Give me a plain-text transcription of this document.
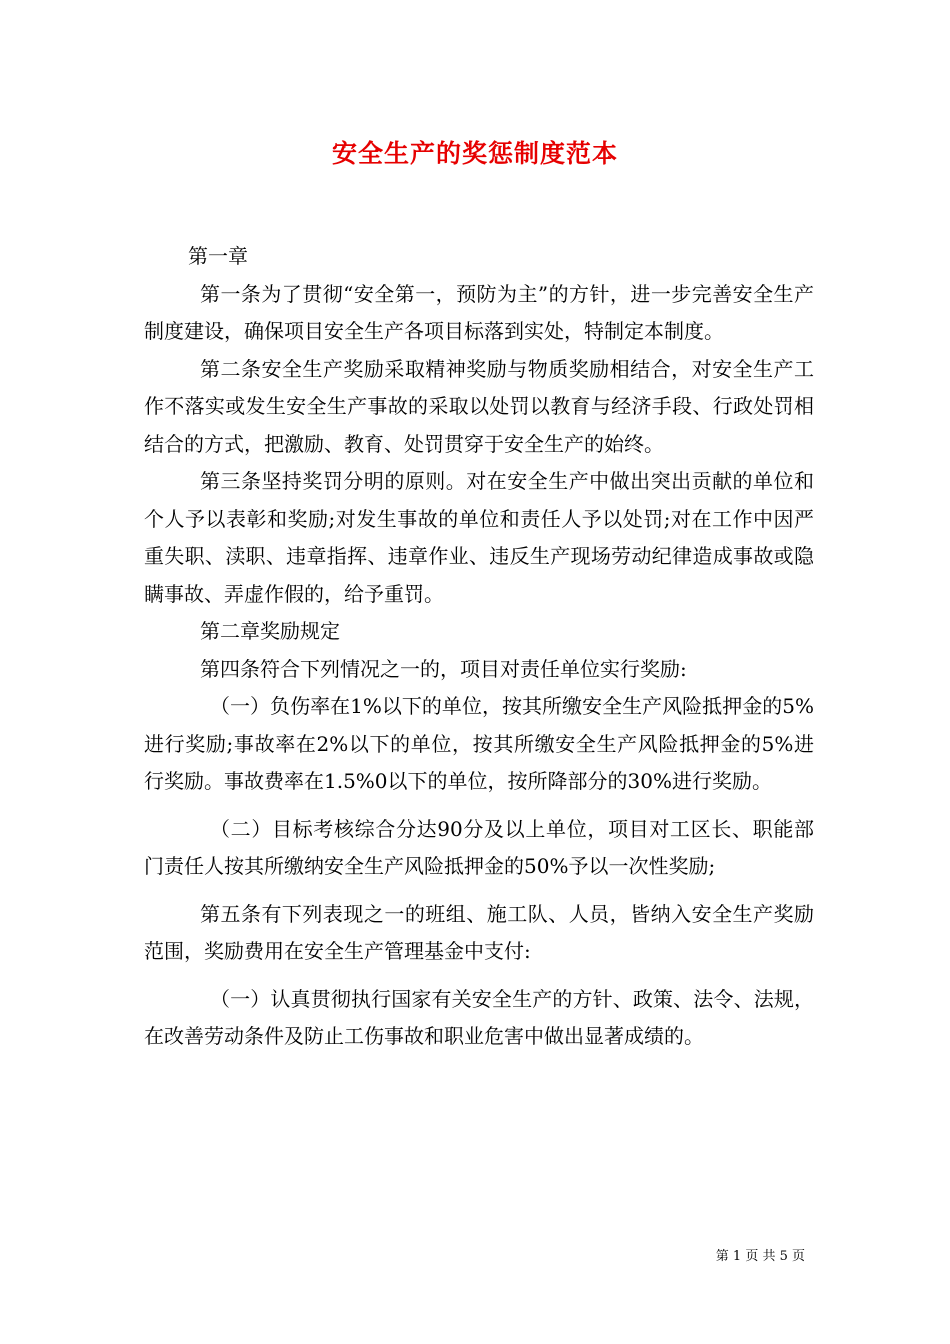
安全生产的奖惩制度范本

第一章

第一条为了贯彻“安全第一，预防为主”的方针，进一步完善安全生产制度建设，确保项目安全生产各项目标落到实处，特制定本制度。

第二条安全生产奖励采取精神奖励与物质奖励相结合，对安全生产工作不落实或发生安全生产事故的采取以处罚以教育与经济手段、行政处罚相结合的方式，把激励、教育、处罚贯穿于安全生产的始终。

第三条坚持奖罚分明的原则。对在安全生产中做出突出贡献的单位和个人予以表彰和奖励;对发生事故的单位和责任人予以处罚;对在工作中因严重失职、渎职、违章指挥、违章作业、违反生产现场劳动纪律造成事故或隐瞒事故、弄虚作假的，给予重罚。

第二章奖励规定

第四条符合下列情况之一的，项目对责任单位实行奖励:

（一）负伤率在1%以下的单位，按其所缴安全生产风险抵押金的5%进行奖励;事故率在2%以下的单位，按其所缴安全生产风险抵押金的5%进行奖励。事故费率在1.5%0以下的单位，按所降部分的30%进行奖励。

（二）目标考核综合分达90分及以上单位，项目对工区长、职能部门责任人按其所缴纳安全生产风险抵押金的50%予以一次性奖励;

第五条有下列表现之一的班组、施工队、人员，皆纳入安全生产奖励范围，奖励费用在安全生产管理基金中支付:

（一）认真贯彻执行国家有关安全生产的方针、政策、法令、法规，在改善劳动条件及防止工伤事故和职业危害中做出显著成绩的。

第 1 页 共 5 页
